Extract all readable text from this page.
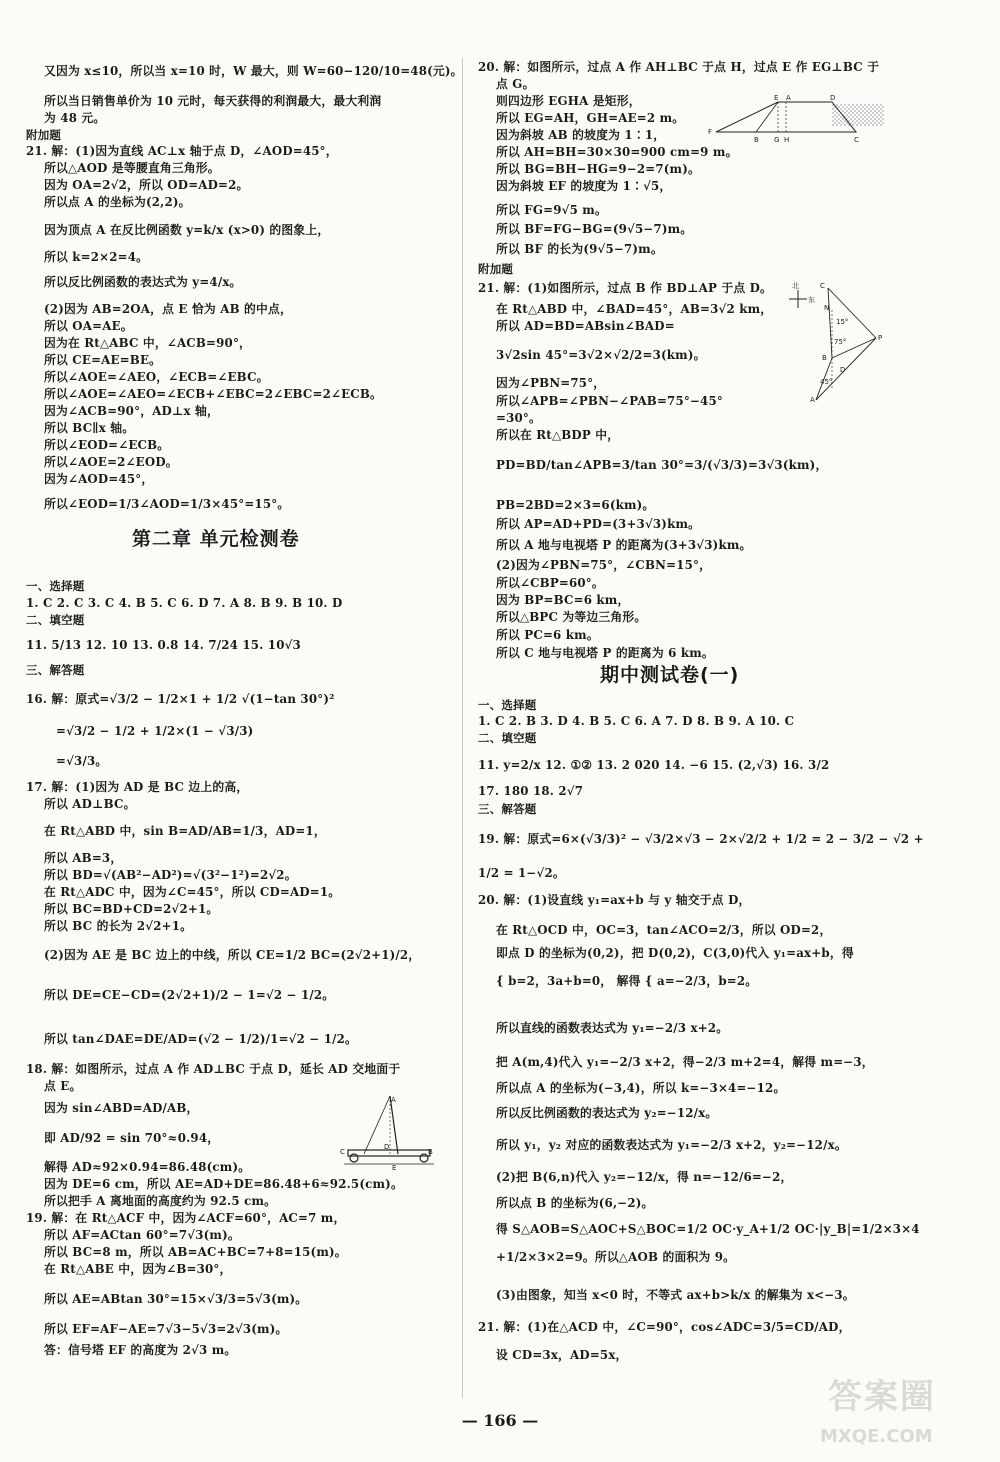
又因为 x≤10，所以当 x=10 时，W 最大，则 W=60−120/10=48(元)。
所以当日销售单价为 10 元时，每天获得的利润最大，最大利润
为 48 元。
附加题
21. 解：(1)因为直线 AC⊥x 轴于点 D，∠AOD=45°，
所以△AOD 是等腰直角三角形。
因为 OA=2√2，所以 OD=AD=2。
所以点 A 的坐标为(2,2)。
因为顶点 A 在反比例函数 y=k/x (x>0) 的图象上，
所以 k=2×2=4。
所以反比例函数的表达式为 y=4/x。
(2)因为 AB=2OA，点 E 恰为 AB 的中点，
所以 OA=AE。
因为在 Rt△ABC 中，∠ACB=90°，
所以 CE=AE=BE。
所以∠AOE=∠AEO，∠ECB=∠EBC。
所以∠AOE=∠AEO=∠ECB+∠EBC=2∠EBC=2∠ECB。
因为∠ACB=90°，AD⊥x 轴，
所以 BC∥x 轴。
所以∠EOD=∠ECB。
所以∠AOE=2∠EOD。
因为∠AOD=45°，
所以∠EOD=1/3∠AOD=1/3×45°=15°。
一、选择题
1. C 2. C 3. C 4. B 5. C 6. D 7. A 8. B 9. B 10. D
二、填空题
11. 5/13 12. 10 13. 0.8 14. 7/24 15. 10√3
三、解答题
16. 解：原式=√3/2 − 1/2×1 + 1/2 √(1−tan 30°)²
=√3/2 − 1/2 + 1/2×(1 − √3/3)
=√3/3。
17. 解：(1)因为 AD 是 BC 边上的高，
所以 AD⊥BC。
在 Rt△ABD 中，sin B=AD/AB=1/3，AD=1，
所以 AB=3，
所以 BD=√(AB²−AD²)=√(3²−1²)=2√2。
在 Rt△ADC 中，因为∠C=45°，所以 CD=AD=1。
所以 BC=BD+CD=2√2+1。
所以 BC 的长为 2√2+1。
(2)因为 AE 是 BC 边上的中线，所以 CE=1/2 BC=(2√2+1)/2，
所以 DE=CE−CD=(2√2+1)/2 − 1=√2 − 1/2。
所以 tan∠DAE=DE/AD=(√2 − 1/2)/1=√2 − 1/2。
18. 解：如图所示，过点 A 作 AD⊥BC 于点 D，延长 AD 交地面于
点 E。
因为 sin∠ABD=AD/AB，
即 AD/92 = sin 70°≈0.94，
解得 AD≈92×0.94=86.48(cm)。
因为 DE=6 cm，所以 AE=AD+DE=86.48+6≈92.5(cm)。
所以把手 A 离地面的高度约为 92.5 cm。
19. 解：在 Rt△ACF 中，因为∠ACF=60°，AC=7 m，
所以 AF=ACtan 60°=7√3(m)。
所以 BC=8 m，所以 AB=AC+BC=7+8=15(m)。
在 Rt△ABE 中，因为∠B=30°，
所以 AE=ABtan 30°=15×√3/3=5√3(m)。
所以 EF=AF−AE=7√3−5√3=2√3(m)。
答：信号塔 EF 的高度为 2√3 m。
20. 解：如图所示，过点 A 作 AH⊥BC 于点 H，过点 E 作 EG⊥BC 于
点 G。
则四边形 EGHA 是矩形，
所以 EG=AH，GH=AE=2 m。
因为斜坡 AB 的坡度为 1∶1，
所以 AH=BH=30×30=900 cm=9 m。
所以 BG=BH−HG=9−2=7(m)。
因为斜坡 EF 的坡度为 1∶√5，
所以 FG=9√5 m。
所以 BF=FG−BG=(9√5−7)m。
所以 BF 的长为(9√5−7)m。
附加题
21. 解：(1)如图所示，过点 B 作 BD⊥AP 于点 D。
在 Rt△ABD 中，∠BAD=45°，AB=3√2 km，
所以 AD=BD=ABsin∠BAD=
3√2sin 45°=3√2×√2/2=3(km)。
因为∠PBN=75°，
所以∠APB=∠PBN−∠PAB=75°−45°
=30°。
所以在 Rt△BDP 中，
PD=BD/tan∠APB=3/tan 30°=3/(√3/3)=3√3(km)，
PB=2BD=2×3=6(km)。
所以 AP=AD+PD=(3+3√3)km。
所以 A 地与电视塔 P 的距离为(3+3√3)km。
(2)因为∠PBN=75°，∠CBN=15°，
所以∠CBP=60°。
因为 BP=BC=6 km，
所以△BPC 为等边三角形。
所以 PC=6 km。
所以 C 地与电视塔 P 的距离为 6 km。
一、选择题
1. C 2. B 3. D 4. B 5. C 6. A 7. D 8. B 9. A 10. C
二、填空题
11. y=2/x 12. ①② 13. 2 020 14. −6 15. (2,√3) 16. 3/2
17. 180 18. 2√7
三、解答题
19. 解：原式=6×(√3/3)² − √3/2×√3 − 2×√2/2 + 1/2 = 2 − 3/2 − √2 +
1/2 = 1−√2。
20. 解：(1)设直线 y₁=ax+b 与 y 轴交于点 D，
在 Rt△OCD 中，OC=3，tan∠ACO=2/3，所以 OD=2，
即点 D 的坐标为(0,2)，把 D(0,2)，C(3,0)代入 y₁=ax+b，得
{ b=2，3a+b=0， 解得 { a=−2/3，b=2。
所以直线的函数表达式为 y₁=−2/3 x+2。
把 A(m,4)代入 y₁=−2/3 x+2，得−2/3 m+2=4，解得 m=−3，
所以点 A 的坐标为(−3,4)，所以 k=−3×4=−12。
所以反比例函数的表达式为 y₂=−12/x。
所以 y₁，y₂ 对应的函数表达式为 y₁=−2/3 x+2，y₂=−12/x。
(2)把 B(6,n)代入 y₂=−12/x，得 n=−12/6=−2，
所以点 B 的坐标为(6,−2)。
得 S△AOB=S△AOC+S△BOC=1/2 OC·y_A+1/2 OC·|y_B|=1/2×3×4
+1/2×3×2=9。所以△AOB 的面积为 9。
(3)由图象，知当 x<0 时，不等式 ax+b>k/x 的解集为 x<−3。
21. 解：(1)在△ACD 中，∠C=90°，cos∠ADC=3/5=CD/AD，
设 CD=3x，AD=5x，
第二章 单元检测卷
期中测试卷(一)
A
B
C
D
E
E A	D
F
B G	C
H
北
东
N
P
B
C
D
A
15°
75°
45°
— 166 —
答案圈
MXQE.COM
